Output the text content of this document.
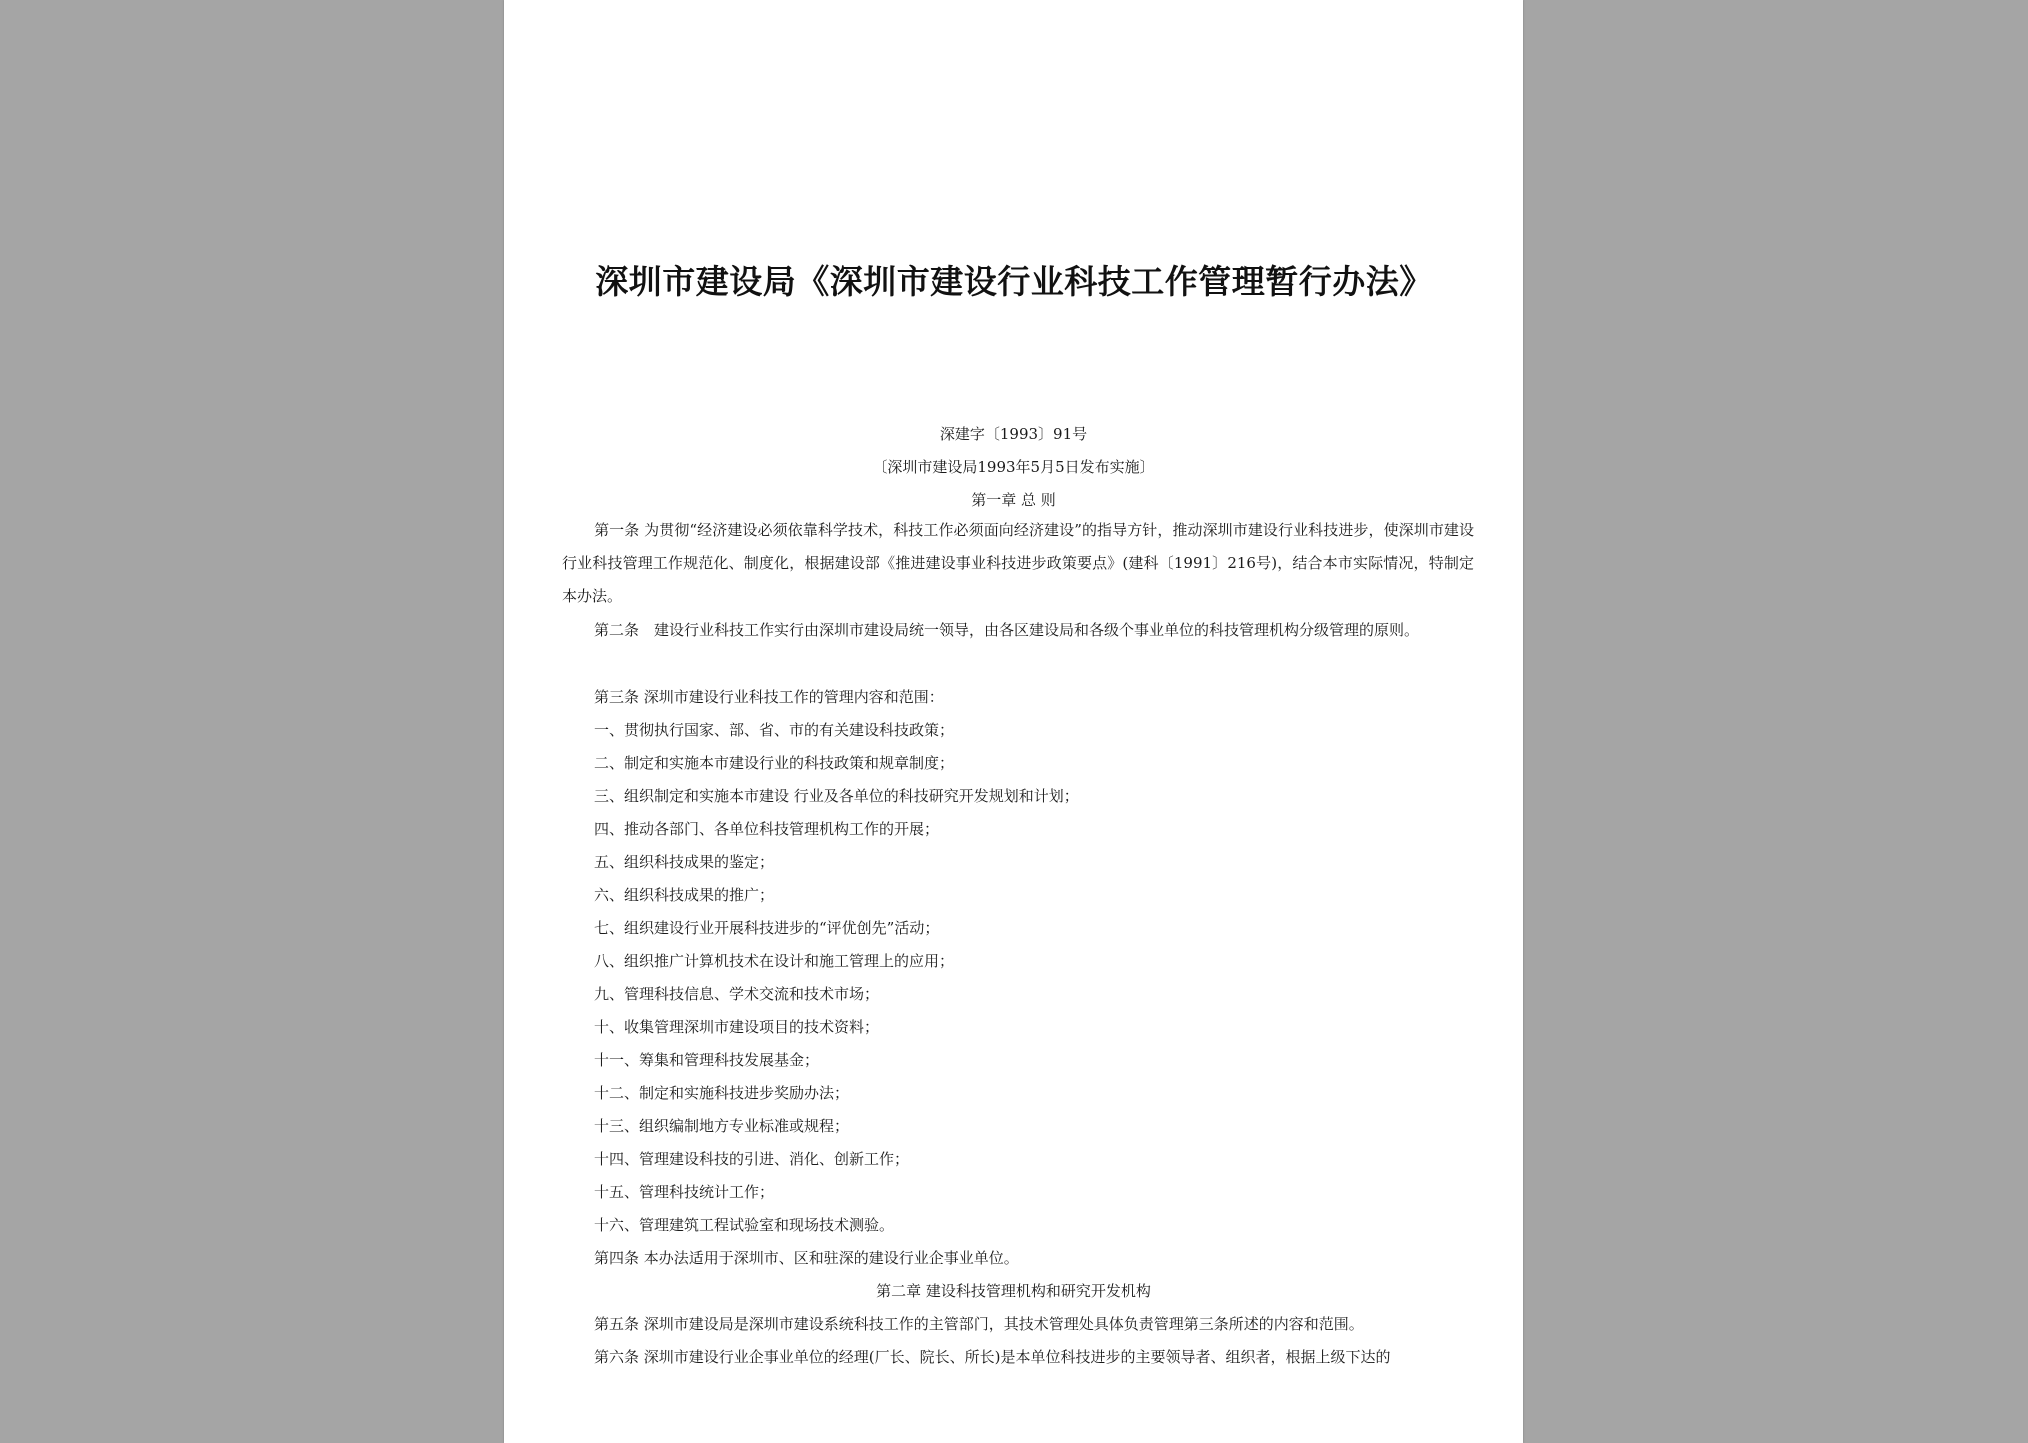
深圳市建设局《深圳市建设行业科技工作管理暂行办法》
深建字〔1993〕91号
〔深圳市建设局1993年5月5日发布实施〕
第一章 总 则

第一条 为贯彻“经济建设必须依靠科学技术，科技工作必须面向经济建设”的指导方针，推动深圳市建设行业科技进步，使深圳市建设行业科技管理工作规范化、制度化，根据建设部《推进建设事业科技进步政策要点》(建科〔1991〕216号)，结合本市实际情况，特制定本办法。

第二条　建设行业科技工作实行由深圳市建设局统一领导，由各区建设局和各级个事业单位的科技管理机构分级管理的原则。

第三条 深圳市建设行业科技工作的管理内容和范围：
一、贯彻执行国家、部、省、市的有关建设科技政策；
二、制定和实施本市建设行业的科技政策和规章制度；
三、组织制定和实施本市建设 行业及各单位的科技研究开发规划和计划；
四、推动各部门、各单位科技管理机构工作的开展；
五、组织科技成果的鉴定；
六、组织科技成果的推广；
七、组织建设行业开展科技进步的“评优创先”活动；
八、组织推广计算机技术在设计和施工管理上的应用；
九、管理科技信息、学术交流和技术市场；
十、收集管理深圳市建设项目的技术资料；
十一、筹集和管理科技发展基金；
十二、制定和实施科技进步奖励办法；
十三、组织编制地方专业标准或规程；
十四、管理建设科技的引进、消化、创新工作；
十五、管理科技统计工作；
十六、管理建筑工程试验室和现场技术测验。
第四条 本办法适用于深圳市、区和驻深的建设行业企事业单位。
第二章 建设科技管理机构和研究开发机构
第五条 深圳市建设局是深圳市建设系统科技工作的主管部门，其技术管理处具体负责管理第三条所述的内容和范围。
第六条 深圳市建设行业企事业单位的经理(厂长、院长、所长)是本单位科技进步的主要领导者、组织者，根据上级下达的
